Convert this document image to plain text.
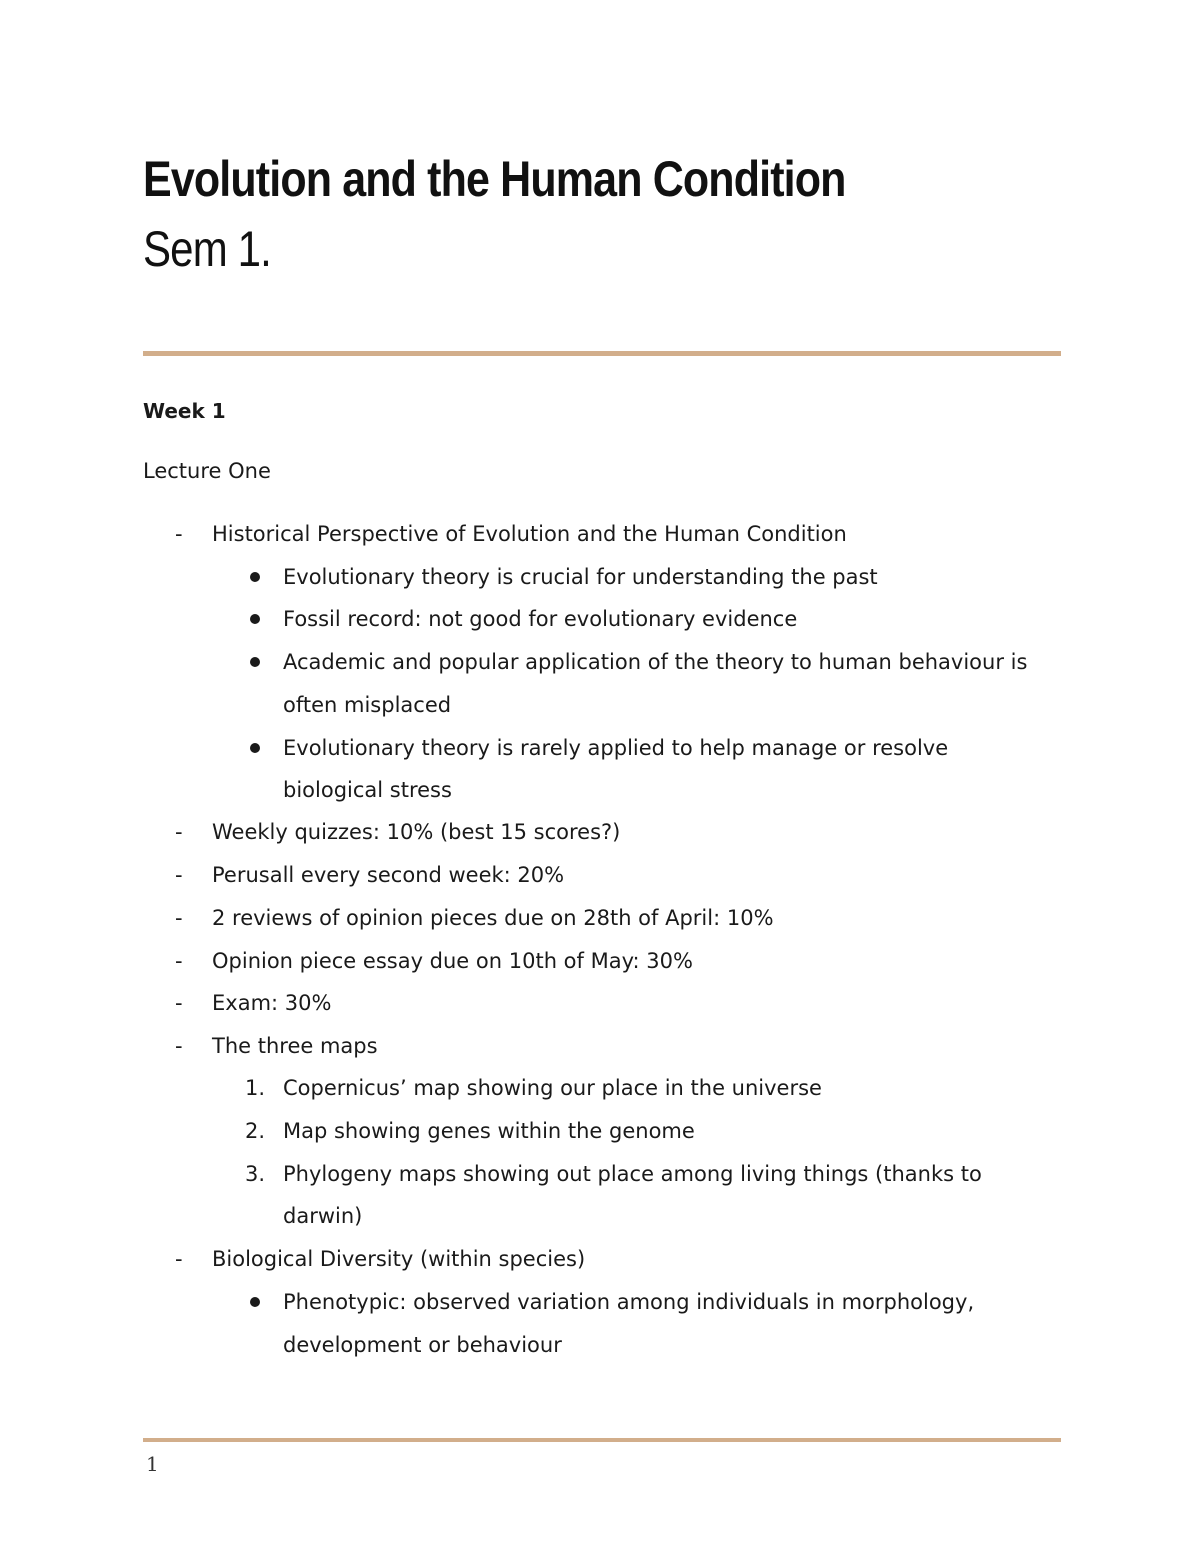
Evolution and the Human Condition
Sem 1.
Week 1
Lecture One
- Historical Perspective of Evolution and the Human Condition
Evolutionary theory is crucial for understanding the past
Fossil record: not good for evolutionary evidence
Academic and popular application of the theory to human behaviour is
often misplaced
Evolutionary theory is rarely applied to help manage or resolve
biological stress
- Weekly quizzes: 10% (best 15 scores?)
- Perusall every second week: 20%
- 2 reviews of opinion pieces due on 28th of April: 10%
- Opinion piece essay due on 10th of May: 30%
- Exam: 30%
- The three maps
1. Copernicus’ map showing our place in the universe
2. Map showing genes within the genome
3. Phylogeny maps showing out place among living things (thanks to
darwin)
- Biological Diversity (within species)
Phenotypic: observed variation among individuals in morphology,
development or behaviour
1
